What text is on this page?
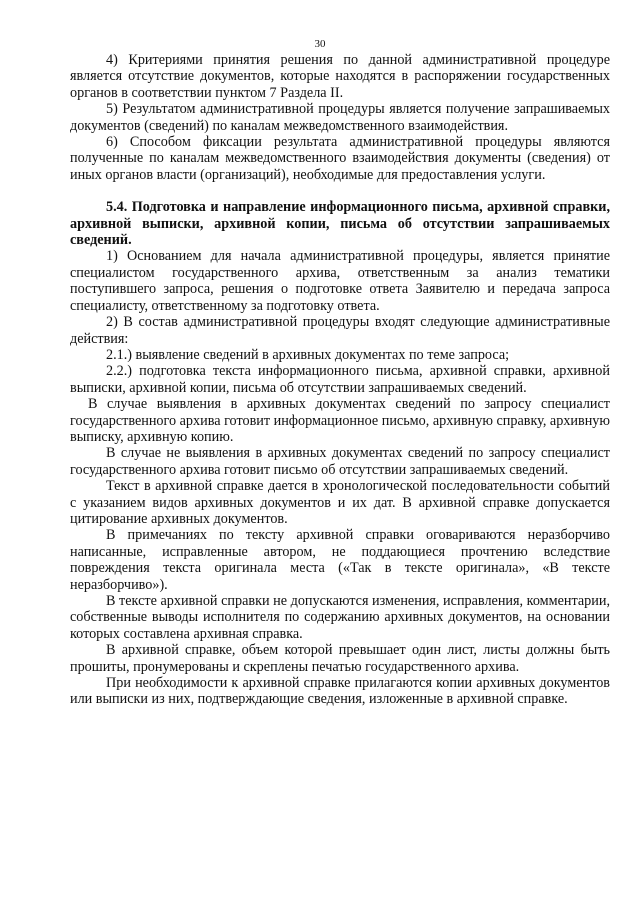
30

4) Критериями принятия решения по данной административной процедуре является отсутствие документов, которые находятся в распоряжении государственных органов в соответствии пунктом 7 Раздела II.

5) Результатом административной процедуры является получение запрашиваемых документов (сведений) по каналам межведомственного взаимодействия.

6) Способом фиксации результата административной процедуры являются полученные по каналам межведомственного взаимодействия документы (сведения) от иных органов власти (организаций), необходимые для предоставления услуги.

5.4. Подготовка и направление информационного письма, архивной справки, архивной выписки, архивной копии, письма об отсутствии запрашиваемых сведений.

1) Основанием для начала административной процедуры, является принятие специалистом государственного архива, ответственным за анализ тематики поступившего запроса, решения о подготовке ответа Заявителю и передача запроса специалисту, ответственному за подготовку ответа.

2) В состав административной процедуры входят следующие административные действия:

2.1.) выявление сведений в архивных документах по теме запроса;

2.2.) подготовка текста информационного письма, архивной справки, архивной выписки, архивной копии, письма об отсутствии запрашиваемых сведений.

В случае выявления в архивных документах сведений по запросу специалист государственного архива готовит информационное письмо, архивную справку, архивную выписку, архивную копию.

В случае не выявления в архивных документах сведений по запросу специалист государственного архива готовит письмо об отсутствии запрашиваемых сведений.

Текст в архивной справке дается в хронологической последовательности событий с указанием видов архивных документов и их дат. В архивной справке допускается цитирование архивных документов.

В примечаниях по тексту архивной справки оговариваются неразборчиво написанные, исправленные автором, не поддающиеся прочтению вследствие повреждения текста оригинала места («Так в тексте оригинала», «В тексте неразборчиво»).

В тексте архивной справки не допускаются изменения, исправления, комментарии, собственные выводы исполнителя по содержанию архивных документов, на основании которых составлена архивная справка.

В архивной справке, объем которой превышает один лист, листы должны быть прошиты, пронумерованы и скреплены печатью государственного архива.

При необходимости к архивной справке прилагаются копии архивных документов или выписки из них, подтверждающие сведения, изложенные в архивной справке.
